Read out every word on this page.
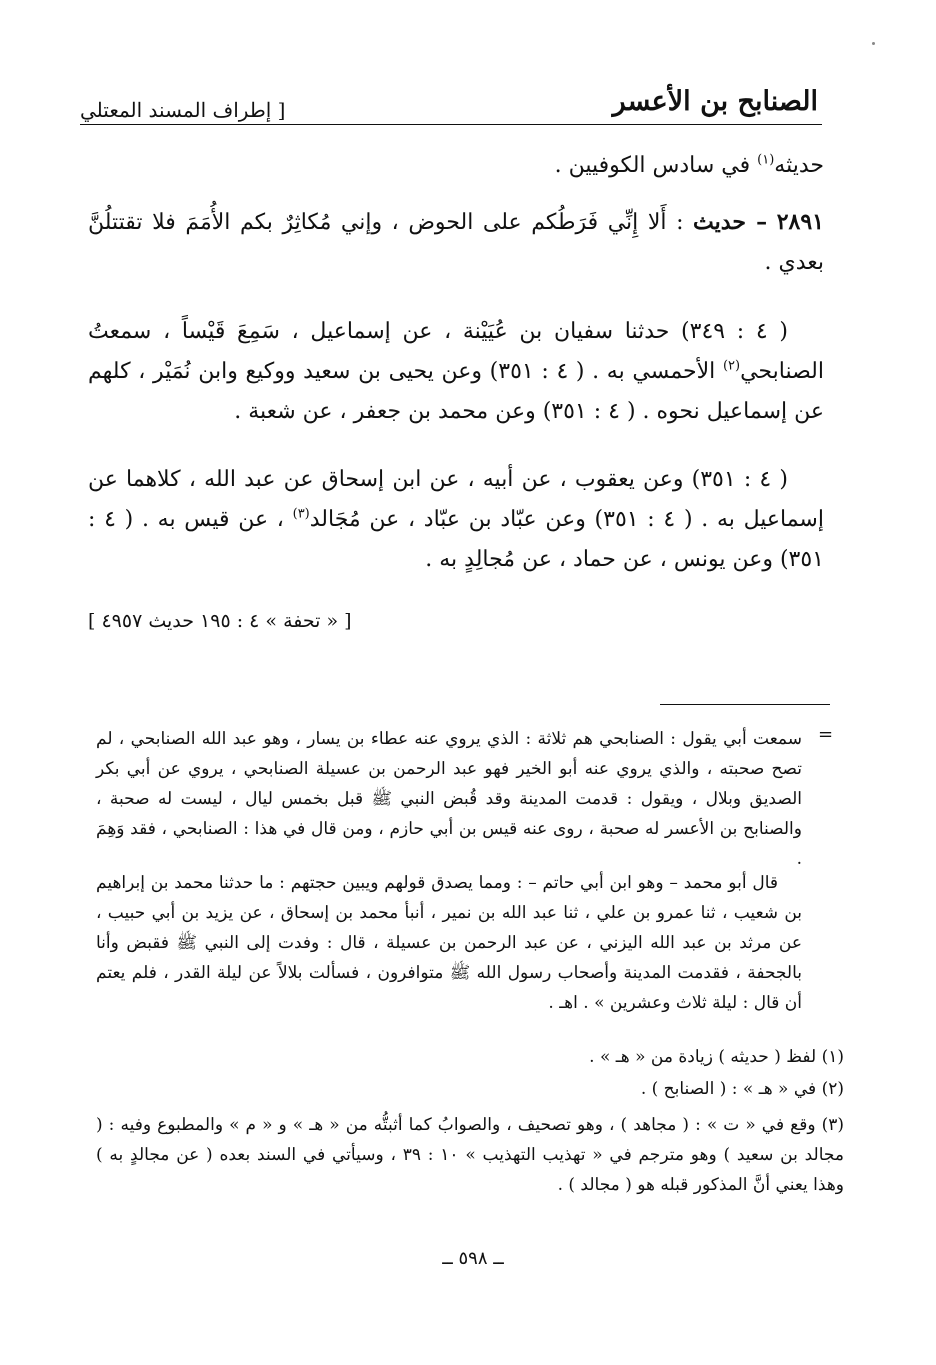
الصنابح بن الأعسر
[ إطراف المسند المعتلي
حديثه$^{(١)}$ في سادس الكوفيين .
٢٨٩١ – حديث : أَلا إِنِّي فَرَطُكم على الحوض ، وإني مُكاثِرٌ بكم الأُمَمَ فلا تقتتلُنَّ بعدي .
( ٤ : ٣٤٩) حدثنا سفيان بن عُيَيْنة ، عن إسماعيل ، سَمِعَ قَيْساً ، سمعتُ الصنابحي$^{(٢)}$ الأحمسي به . ( ٤ : ٣٥١) وعن يحيى بن سعيد ووكيع وابن نُمَيْر ، كلهم عن إسماعيل نحوه . ( ٤ : ٣٥١) وعن محمد بن جعفر ، عن شعبة .
( ٤ : ٣٥١) وعن يعقوب ، عن أبيه ، عن ابن إسحاق عن عبد الله ، كلاهما عن إسماعيل به . ( ٤ : ٣٥١) وعن عبّاد بن عبّاد ، عن مُجَالد$^{(٣)}$ ، عن قيس به . ( ٤ : ٣٥١) وعن يونس ، عن حماد ، عن مُجالِدٍ به .
[ « تحفة » ٤ : ١٩٥ حديث ٤٩٥٧ ]
=
سمعت أبي يقول : الصنابحي هم ثلاثة : الذي يروي عنه عطاء بن يسار ، وهو عبد الله الصنابحي ، لم تصح صحبته ، والذي يروي عنه أبو الخير فهو عبد الرحمن بن عسيلة الصنابحي ، يروي عن أبي بكر الصديق وبلال ، ويقول : قدمت المدينة وقد قُبض النبي ﷺ قبل بخمس ليال ، ليست له صحبة ، والصنابح بن الأعسر له صحبة ، روى عنه قيس بن أبي حازم ، ومن قال في هذا : الصنابحي ، فقد وَهِمَ .
قال أبو محمد – وهو ابن أبي حاتم – : ومما يصدق قولهم ويبين حجتهم : ما حدثنا محمد بن إبراهيم بن شعيب ، ثنا عمرو بن علي ، ثنا عبد الله بن نمير ، أنبأ محمد بن إسحاق ، عن يزيد بن أبي حبيب ، عن مرثد بن عبد الله اليزني ، عن عبد الرحمن بن عسيلة ، قال : وفدت إلى النبي ﷺ فقبض وأنا بالجحفة ، فقدمت المدينة وأصحاب رسول الله ﷺ متوافرون ، فسألت بلالاً عن ليلة القدر ، فلم يعتم أن قال : ليلة ثلاث وعشرين » . اهـ .
(١) لفظ ( حديثه ) زيادة من « هـ » .
(٢) في « هـ » : ( الصنابح ) .
(٣) وقع في « ت » : ( مجاهد ) ، وهو تصحيف ، والصوابُ كما أثبتُّه من « هـ » و « م » والمطبوع وفيه : ( مجالد بن سعيد ) وهو مترجم في « تهذيب التهذيب » ١٠ : ٣٩ ، وسيأتي في السند بعده ( عن مجالدٍ به ) وهذا يعني أنَّ المذكور قبله هو ( مجالد ) .
ــ ٥٩٨ ــ
